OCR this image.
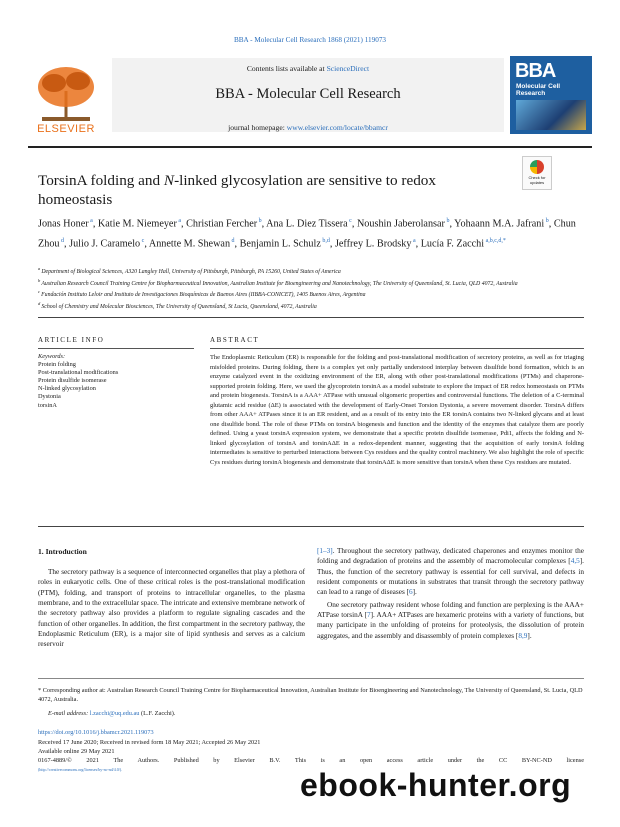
BBA - Molecular Cell Research 1868 (2021) 119073
ELSEVIER
Contents lists available at ScienceDirect
BBA - Molecular Cell Research
journal homepage: www.elsevier.com/locate/bbamcr
BBA
Molecular Cell Research
TorsinA folding and N-linked glycosylation are sensitive to redox homeostasis
Check for updates
Jonas Honer $^a$, Katie M. Niemeyer $^a$, Christian Fercher $^b$, Ana L. Diez Tissera $^c$, Noushin Jaberolansar $^b$, Yohaann M.A. Jafrani $^b$, Chun Zhou $^d$, Julio J. Caramelo $^c$, Annette M. Shewan $^d$, Benjamin L. Schulz $^{b,d}$, Jeffrey L. Brodsky $^a$, Lucía F. Zacchi $^{a,b,c,d,*}$
$^a$ Department of Biological Sciences, A320 Langley Hall, University of Pittsburgh, Pittsburgh, PA 15260, United States of America
$^b$ Australian Research Council Training Centre for Biopharmaceutical Innovation, Australian Institute for Bioengineering and Nanotechnology, The University of Queensland, St. Lucia, QLD 4072, Australia
$^c$ Fundación Instituto Leloir and Instituto de Investigaciones Bioquímicas de Buenos Aires (IIBBA-CONICET), 1405 Buenos Aires, Argentina
$^d$ School of Chemistry and Molecular Biosciences, The University of Queensland, St Lucia, Queensland, 4072, Australia
ARTICLE INFO	ABSTRACT
Keywords:
Protein folding
Post-translational modifications
Protein disulfide isomerase
N-linked glycosylation
Dystonia
torsinA
The Endoplasmic Reticulum (ER) is responsible for the folding and post-translational modification of secretory proteins, as well as for triaging misfolded proteins. During folding, there is a complex yet only partially understood interplay between disulfide bond formation, which is an enzyme catalyzed event in the oxidizing environment of the ER, along with other post-translational modifications (PTMs) and chaperone-supported protein folding. Here, we used the glycoprotein torsinA as a model substrate to explore the impact of ER redox homeostasis on PTMs and protein biogenesis. TorsinA is a AAA+ ATPase with unusual oligomeric properties and controversial functions. The deletion of a C-terminal glutamic acid residue (ΔE) is associated with the development of Early-Onset Torsion Dystonia, a severe movement disorder. TorsinA differs from other AAA+ ATPases since it is an ER resident, and as a result of its entry into the ER torsinA contains two N-linked glycans and at least one disulfide bond. The role of these PTMs on torsinA biogenesis and function and the identity of the enzymes that catalyze them are poorly defined. Using a yeast torsinA expression system, we demonstrate that a specific protein disulfide isomerase, Pdi1, affects the folding and N-linked glycosylation of torsinA and torsinAΔE in a redox-dependent manner, suggesting that the acquisition of early torsinA folding intermediates is sensitive to perturbed interactions between Cys residues and the quality control machinery. We also highlight the role of specific Cys residues during torsinA biogenesis and demonstrate that torsinAΔE is more sensitive than torsinA when these Cys residues are mutated.
1. Introduction
The secretory pathway is a sequence of interconnected organelles that play a plethora of roles in eukaryotic cells. One of these critical roles is the post-translational modification (PTM), folding, and transport of proteins to intracellular organelles, to the plasma membrane, and to the extracellular space. The intricate and extensive membrane network of the secretory pathway also provides a platform to regulate signaling cascades and the function of other organelles. In addition, the first compartment in the secretory pathway, the Endoplasmic Reticulum (ER), is a major site of lipid synthesis and serves as a calcium reservoir

[1–3]. Throughout the secretory pathway, dedicated chaperones and enzymes monitor the folding and degradation of proteins and the assembly of macromolecular complexes [4,5]. Thus, the function of the secretory pathway is essential for cell survival, and defects in resident components or mutations in substrates that transit through the secretory pathway can lead to a range of diseases [6].

One secretory pathway resident whose folding and function are perplexing is the AAA+ ATPase torsinA [7]. AAA+ ATPases are hexameric proteins with a variety of functions, but many participate in the unfolding of proteins for proteolysis, the dissolution of protein aggregates, and the assembly and disassembly of protein complexes [8,9].

* Corresponding author at: Australian Research Council Training Centre for Biopharmaceutical Innovation, Australian Institute for Bioengineering and Nanotechnology, The University of Queensland, St. Lucia, QLD 4072, Australia.
E-mail address: l.zacchi@uq.edu.au (L.F. Zacchi).
https://doi.org/10.1016/j.bbamcr.2021.119073
Received 17 June 2020; Received in revised form 18 May 2021; Accepted 26 May 2021
Available online 29 May 2021
0167-4889/© 2021 The Authors. Published by Elsevier B.V. This is an open access article under the CC BY-NC-ND license
(http://creativecommons.org/licenses/by-nc-nd/4.0/).	ebook-hunter.org
